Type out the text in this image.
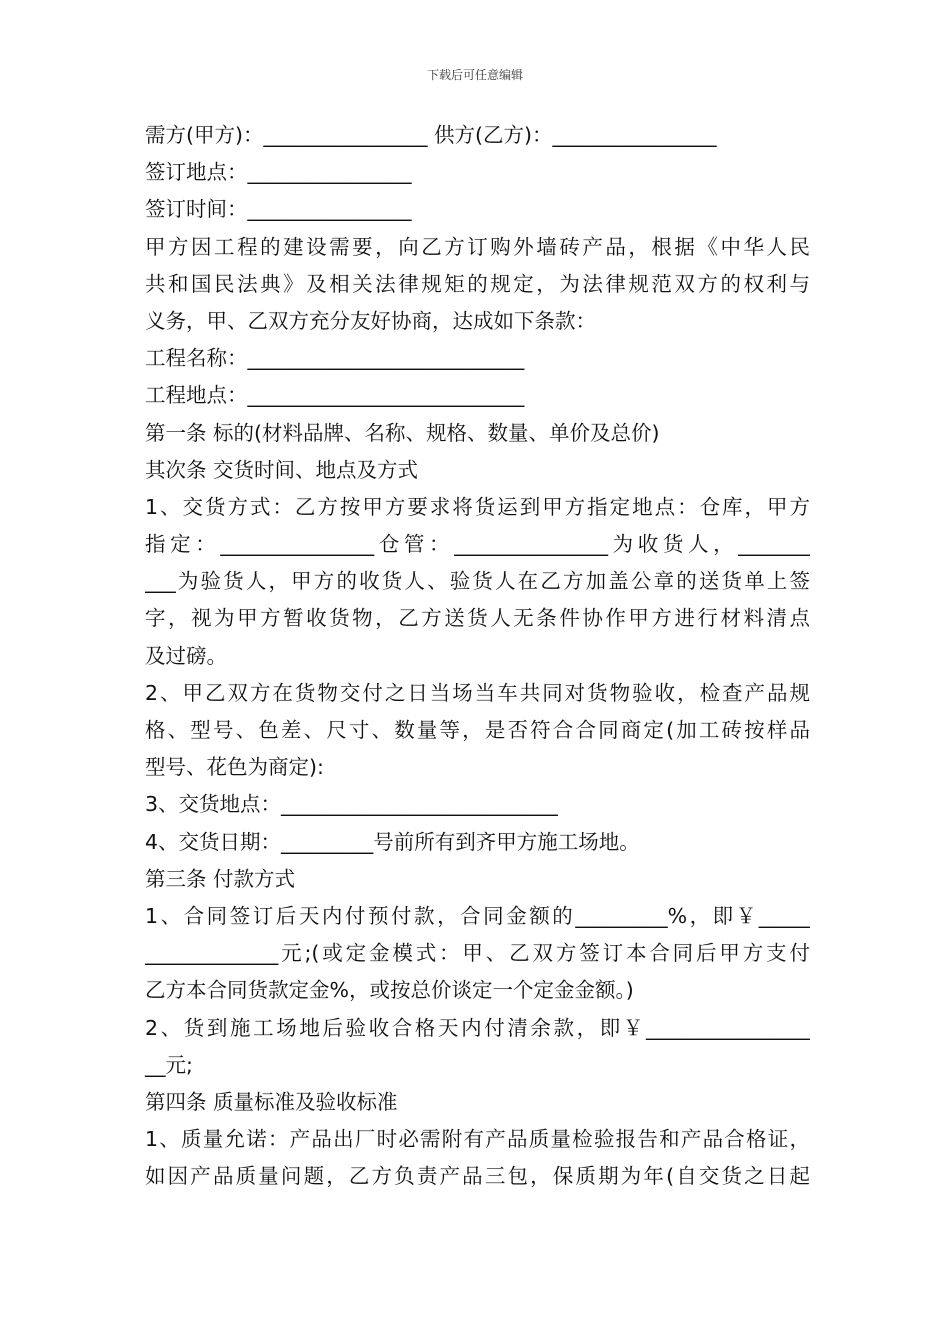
下载后可任意编辑
需方(甲方)：________________ 供方(乙方)：________________
签订地点：________________
签订时间：________________
甲方因工程的建设需要，向乙方订购外墙砖产品，根据《中华人民
共和国民法典》及相关法律规矩的规定，为法律规范双方的权利与
义务，甲、乙双方充分友好协商，达成如下条款：
工程名称：___________________________
工程地点：___________________________
第一条 标的(材料品牌、名称、规格、数量、单价及总价)
其次条 交货时间、地点及方式
1、交货方式：乙方按甲方要求将货运到甲方指定地点：仓库，甲方
指定：_______________仓管：_______________为收货人，_______
___为验货人，甲方的收货人、验货人在乙方加盖公章的送货单上签
字，视为甲方暂收货物，乙方送货人无条件协作甲方进行材料清点
及过磅。
2、甲乙双方在货物交付之日当场当车共同对货物验收，检查产品规
格、型号、色差、尺寸、数量等，是否符合合同商定(加工砖按样品
型号、花色为商定):
3、交货地点：___________________________
4、交货日期：_________号前所有到齐甲方施工场地。
第三条 付款方式
1、合同签订后天内付预付款，合同金额的_________%，即￥_____
_____________元;(或定金模式：甲、乙双方签订本合同后甲方支付
乙方本合同货款定金%，或按总价谈定一个定金金额。)
2、货到施工场地后验收合格天内付清余款，即￥________________
__元;
第四条 质量标准及验收标准
1、质量允诺：产品出厂时必需附有产品质量检验报告和产品合格证，
如因产品质量问题，乙方负责产品三包，保质期为年(自交货之日起
